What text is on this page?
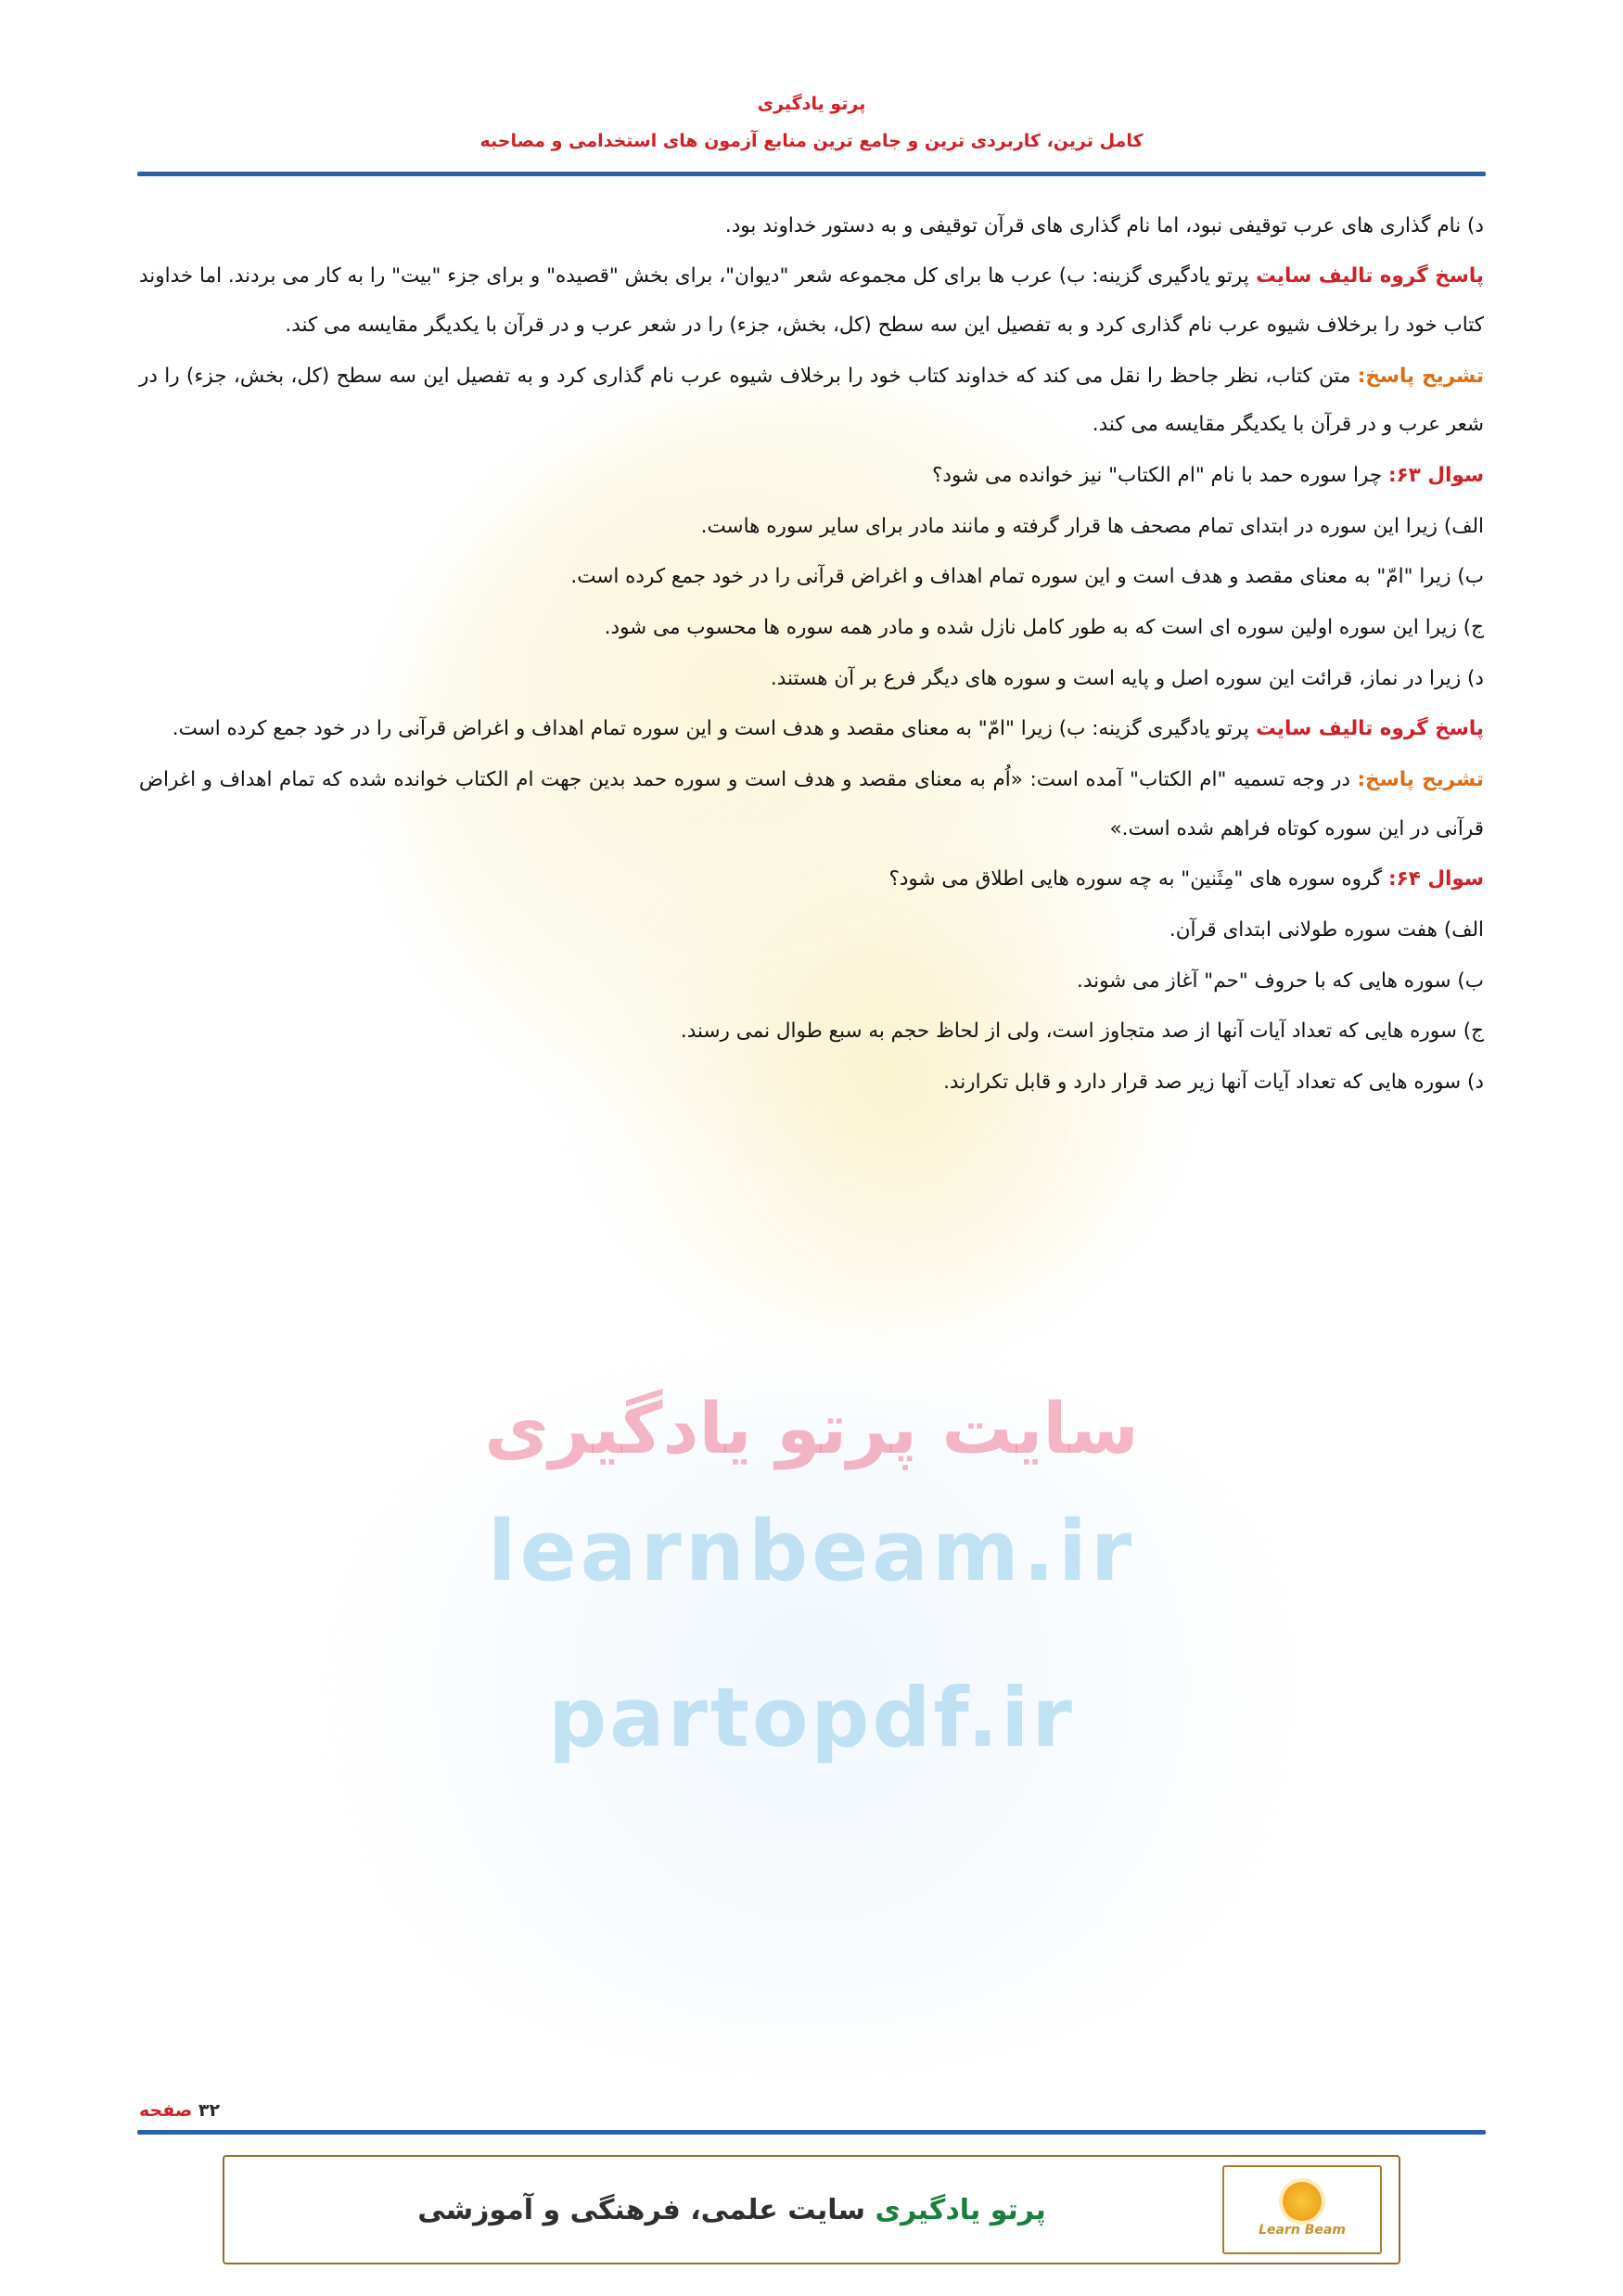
سایت پرتو یادگیری
learnbeam.ir
partopdf.ir
پرتو یادگیری
کامل ترین، کاربردی ترین و جامع ترین منابع آزمون های استخدامی و مصاحبه

د) نام گذاری های عرب توقیفی نبود، اما نام گذاری های قرآن توقیفی و به دستور خداوند بود.

پاسخ گروه تالیف سایت پرتو یادگیری گزینه: ب) عرب ها برای کل مجموعه شعر "دیوان"، برای بخش "قصیده" و برای جزء "بیت" را به کار می بردند. اما خداوند کتاب خود را برخلاف شیوه عرب نام گذاری کرد و به تفصیل این سه سطح (کل، بخش، جزء) را در شعر عرب و در قرآن با یکدیگر مقایسه می کند.

تشریح پاسخ: متن کتاب، نظر جاحظ را نقل می کند که خداوند کتاب خود را برخلاف شیوه عرب نام گذاری کرد و به تفصیل این سه سطح (کل، بخش، جزء) را در شعر عرب و در قرآن با یکدیگر مقایسه می کند.

سوال ۶۳: چرا سوره حمد با نام "ام الکتاب" نیز خوانده می شود؟

الف) زیرا این سوره در ابتدای تمام مصحف ها قرار گرفته و مانند مادر برای سایر سوره هاست.

ب) زیرا "امّ" به معنای مقصد و هدف است و این سوره تمام اهداف و اغراض قرآنی را در خود جمع کرده است.

ج) زیرا این سوره اولین سوره ای است که به طور کامل نازل شده و مادر همه سوره ها محسوب می شود.

د) زیرا در نماز، قرائت این سوره اصل و پایه است و سوره های دیگر فرع بر آن هستند.

پاسخ گروه تالیف سایت پرتو یادگیری گزینه: ب) زیرا "امّ" به معنای مقصد و هدف است و این سوره تمام اهداف و اغراض قرآنی را در خود جمع کرده است.

تشریح پاسخ: در وجه تسمیه "ام الکتاب" آمده است: «اُم به معنای مقصد و هدف است و سوره حمد بدین جهت ام الکتاب خوانده شده که تمام اهداف و اغراض قرآنی در این سوره کوتاه فراهم شده است.»

سوال ۶۴: گروه سوره های "مِثَنین" به چه سوره هایی اطلاق می شود؟

الف) هفت سوره طولانی ابتدای قرآن.

ب) سوره هایی که با حروف "حم" آغاز می شوند.

ج) سوره هایی که تعداد آیات آنها از صد متجاوز است، ولی از لحاظ حجم به سبع طوال نمی رسند.

د) سوره هایی که تعداد آیات آنها زیر صد قرار دارد و قابل تکرارند.

۳۲ صفحه
Learn Beam
پرتو یادگیری سایت علمی، فرهنگی و آموزشی
